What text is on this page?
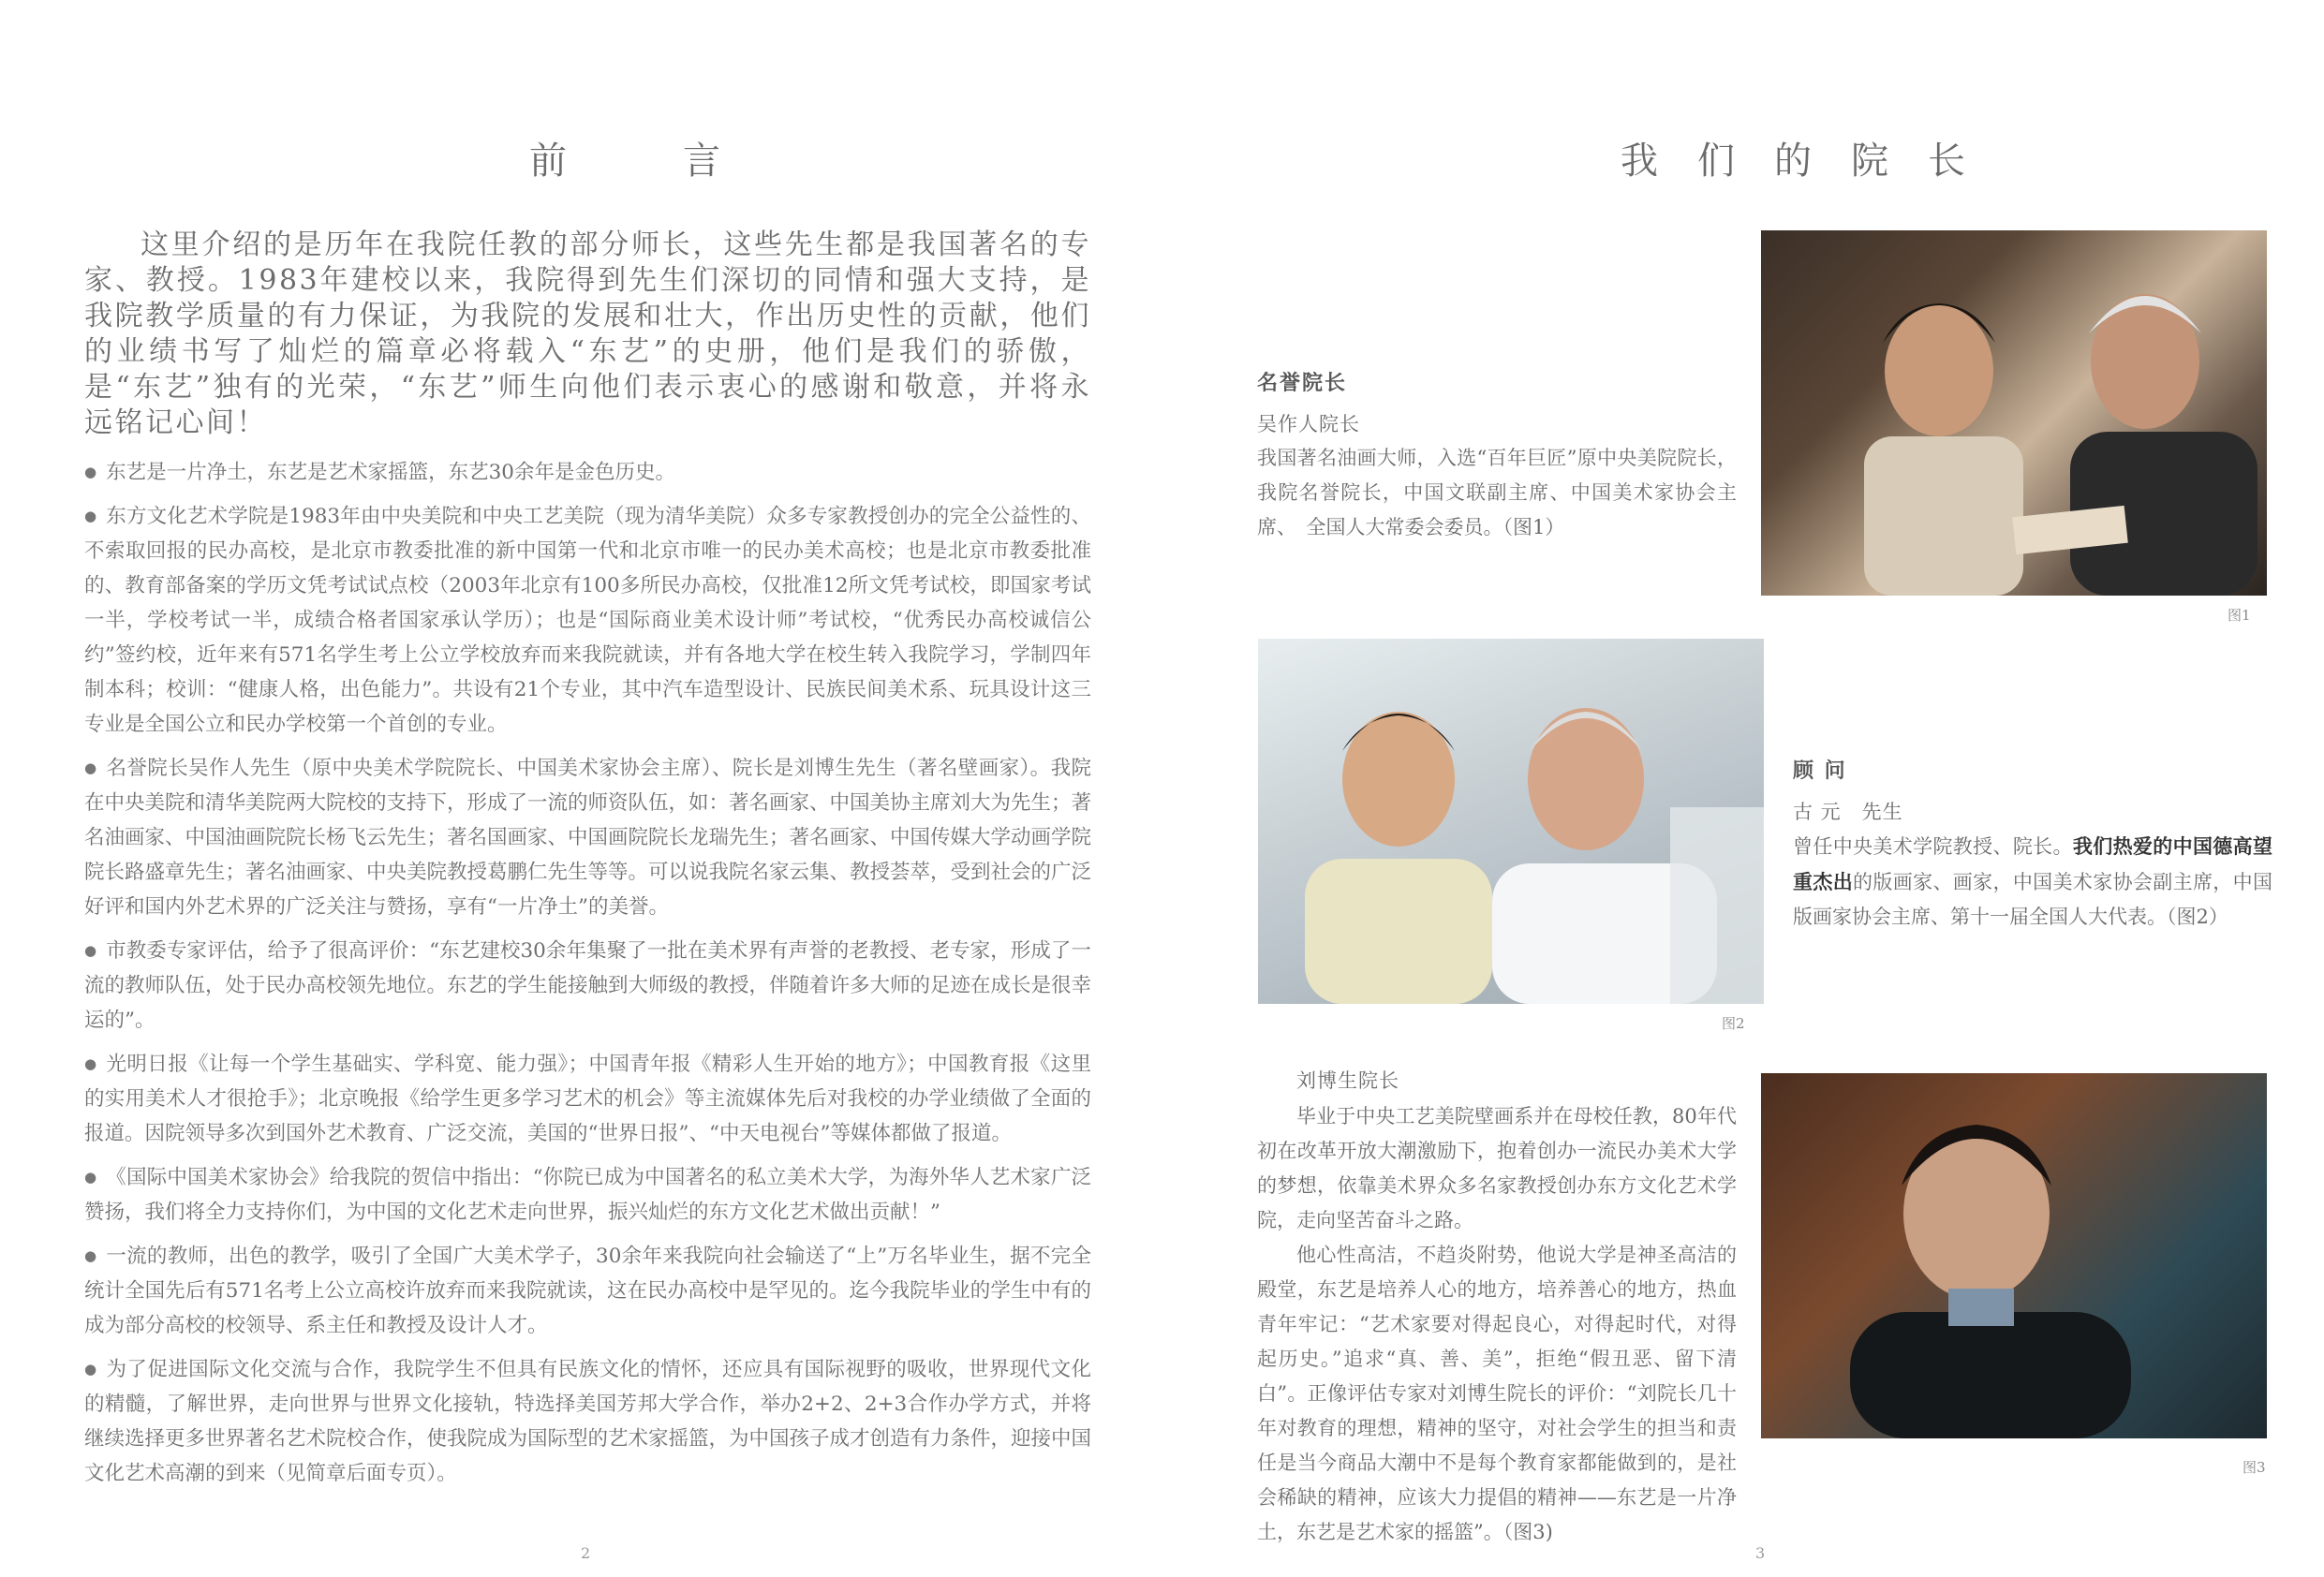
前　言

这里介绍的是历年在我院任教的部分师长，这些先生都是我国著名的专家、教授。1983年建校以来，我院得到先生们深切的同情和强大支持，是我院教学质量的有力保证，为我院的发展和壮大，作出历史性的贡献，他们的业绩书写了灿烂的篇章必将载入“东艺”的史册，他们是我们的骄傲，是“东艺”独有的光荣，“东艺”师生向他们表示衷心的感谢和敬意，并将永远铭记心间！

● 东艺是一片净土，东艺是艺术家摇篮，东艺30余年是金色历史。
● 东方文化艺术学院是1983年由中央美院和中央工艺美院（现为清华美院）众多专家教授创办的完全公益性的、不索取回报的民办高校，是北京市教委批准的新中国第一代和北京市唯一的民办美术高校；也是北京市教委批准的、教育部备案的学历文凭考试试点校（2003年北京有100多所民办高校，仅批准12所文凭考试校，即国家考试一半，学校考试一半，成绩合格者国家承认学历）；也是“国际商业美术设计师”考试校，“优秀民办高校诚信公约”签约校，近年来有571名学生考上公立学校放弃而来我院就读，并有各地大学在校生转入我院学习，学制四年制本科；校训：“健康人格，出色能力”。共设有21个专业，其中汽车造型设计、民族民间美术系、玩具设计这三专业是全国公立和民办学校第一个首创的专业。
● 名誉院长吴作人先生（原中央美术学院院长、中国美术家协会主席）、院长是刘博生先生（著名壁画家）。我院在中央美院和清华美院两大院校的支持下，形成了一流的师资队伍，如：著名画家、中国美协主席刘大为先生；著名油画家、中国油画院院长杨飞云先生；著名国画家、中国画院院长龙瑞先生；著名画家、中国传媒大学动画学院院长路盛章先生；著名油画家、中央美院教授葛鹏仁先生等等。可以说我院名家云集、教授荟萃，受到社会的广泛好评和国内外艺术界的广泛关注与赞扬，享有“一片净土”的美誉。
● 市教委专家评估，给予了很高评价：“东艺建校30余年集聚了一批在美术界有声誉的老教授、老专家，形成了一流的教师队伍，处于民办高校领先地位。东艺的学生能接触到大师级的教授，伴随着许多大师的足迹在成长是很幸运的”。
● 光明日报《让每一个学生基础实、学科宽、能力强》；中国青年报《精彩人生开始的地方》；中国教育报《这里的实用美术人才很抢手》；北京晚报《给学生更多学习艺术的机会》等主流媒体先后对我校的办学业绩做了全面的报道。因院领导多次到国外艺术教育、广泛交流，美国的“世界日报”、“中天电视台”等媒体都做了报道。
● 《国际中国美术家协会》给我院的贺信中指出：“你院已成为中国著名的私立美术大学，为海外华人艺术家广泛赞扬，我们将全力支持你们，为中国的文化艺术走向世界，振兴灿烂的东方文化艺术做出贡献！”
● 一流的教师，出色的教学，吸引了全国广大美术学子，30余年来我院向社会输送了“上”万名毕业生，据不完全统计全国先后有571名考上公立高校许放弃而来我院就读，这在民办高校中是罕见的。迄今我院毕业的学生中有的成为部分高校的校领导、系主任和教授及设计人才。
● 为了促进国际文化交流与合作，我院学生不但具有民族文化的情怀，还应具有国际视野的吸收，世界现代文化的精髓，了解世界，走向世界与世界文化接轨，特选择美国芳邦大学合作，举办2+2、2+3合作办学方式，并将继续选择更多世界著名艺术院校合作，使我院成为国际型的艺术家摇篮，为中国孩子成才创造有力条件，迎接中国文化艺术高潮的到来（见简章后面专页）。
2
我们的院长

名誉院长

吴作人院长

我国著名油画大师，入选“百年巨匠”原中央美院院长，我院名誉院长，中国文联副主席、中国美术家协会主席、　全国人大常委会委员。（图1）

图1
图2

顾 问

古 元　先生

曾任中央美术学院教授、院长。我们热爱的中国德高望重杰出的版画家、画家，中国美术家协会副主席，中国版画家协会主席、第十一届全国人大代表。（图2）

刘博生院长

毕业于中央工艺美院壁画系并在母校任教，80年代初在改革开放大潮激励下，抱着创办一流民办美术大学的梦想，依靠美术界众多名家教授创办东方文化艺术学院，走向坚苦奋斗之路。

他心性高洁，不趋炎附势，他说大学是神圣高洁的殿堂，东艺是培养人心的地方，培养善心的地方，热血青年牢记：“艺术家要对得起良心，对得起时代，对得起历史。”追求“真、善、美”，拒绝“假丑恶、留下清白”。正像评估专家对刘博生院长的评价：“刘院长几十年对教育的理想，精神的坚守，对社会学生的担当和责任是当今商品大潮中不是每个教育家都能做到的，是社会稀缺的精神，应该大力提倡的精神——东艺是一片净土，东艺是艺术家的摇篮”。（图3)

图3
3
